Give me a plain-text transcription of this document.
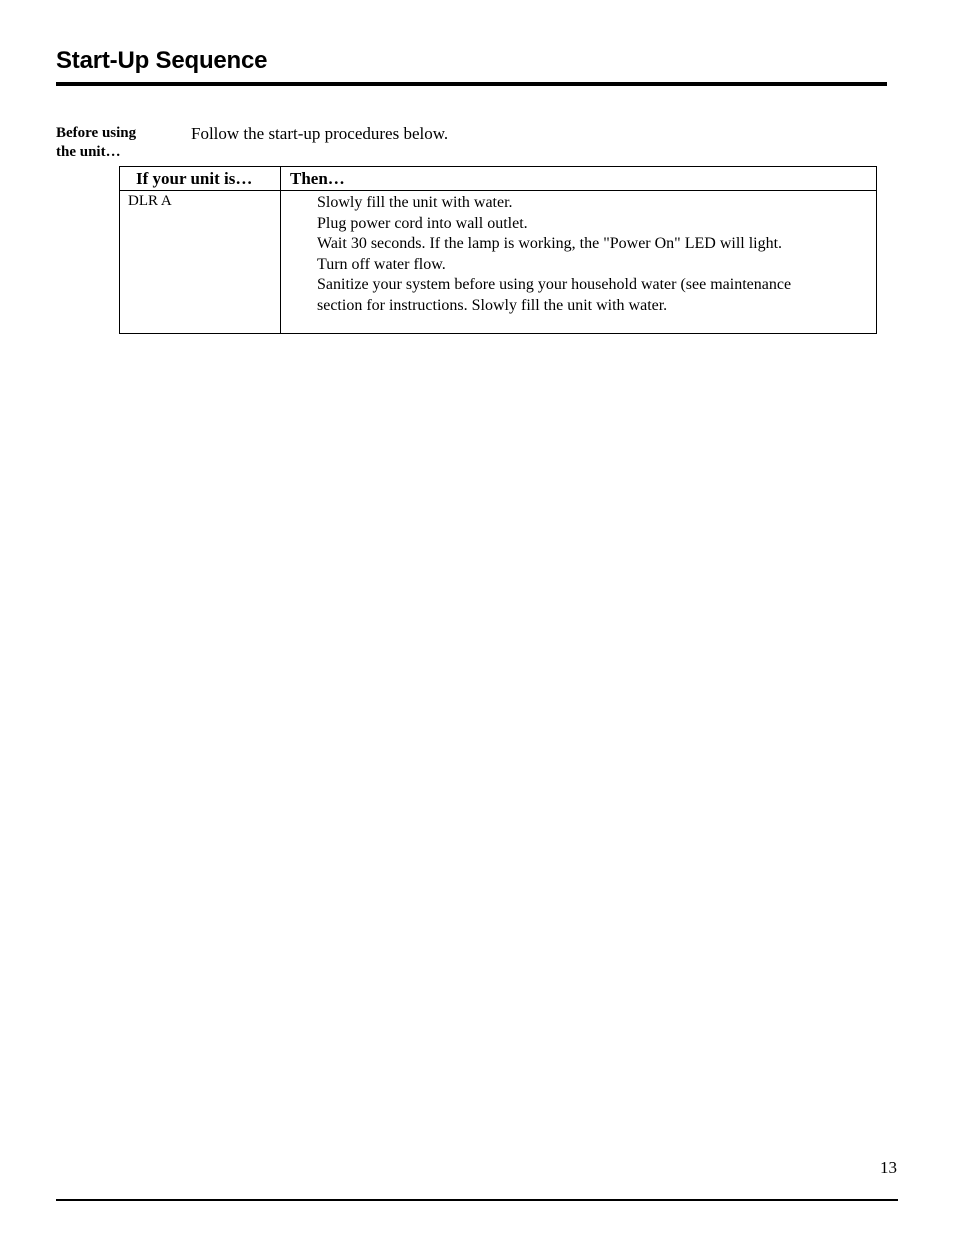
Start-Up Sequence
Before using
the unit…
Follow the start-up procedures below.
If your unit is…	Then…
DLR A	Slowly fill the unit with water.
Plug power cord into wall outlet.
Wait 30 seconds. If the lamp is working, the "Power On" LED will light.
Turn off water flow.
Sanitize your system before using your household water (see maintenance section for instructions. Slowly fill the unit with water.
13
